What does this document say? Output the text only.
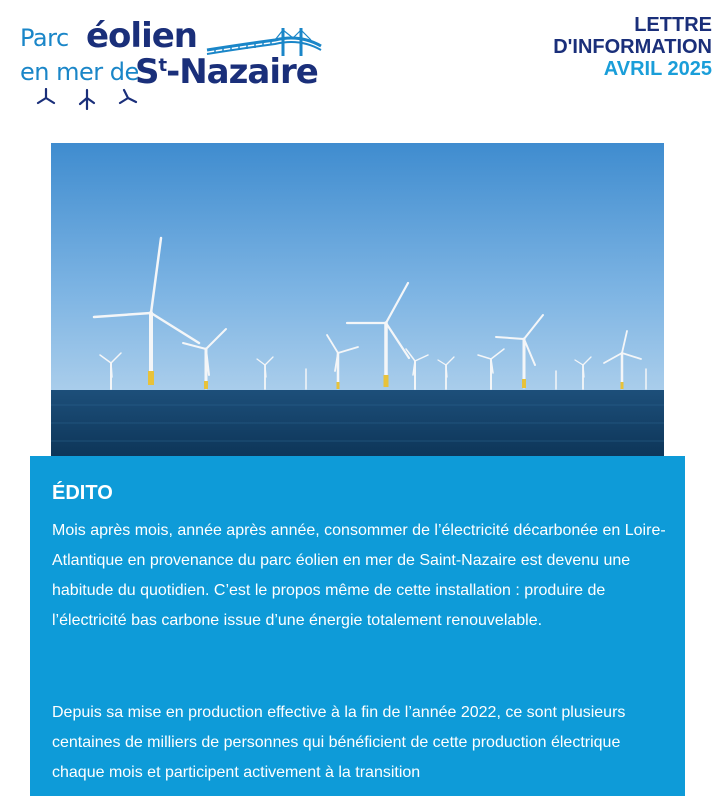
Parc éolien
en mer de
$S^t$-Nazaire
LETTRE
D'INFORMATION
AVRIL 2025
ÉDITO

Mois après mois, année après année, consommer de l’électricité décarbonée en Loire-Atlantique en provenance du parc éolien en mer de Saint-Nazaire est devenu une habitude du quotidien. C’est le propos même de cette installation : produire de l’électricité bas carbone issue d’une énergie totalement renouvelable.

Depuis sa mise en production effective à la fin de l’année 2022, ce sont plusieurs centaines de milliers de personnes qui bénéficient de cette production électrique chaque mois et participent activement à la transition
